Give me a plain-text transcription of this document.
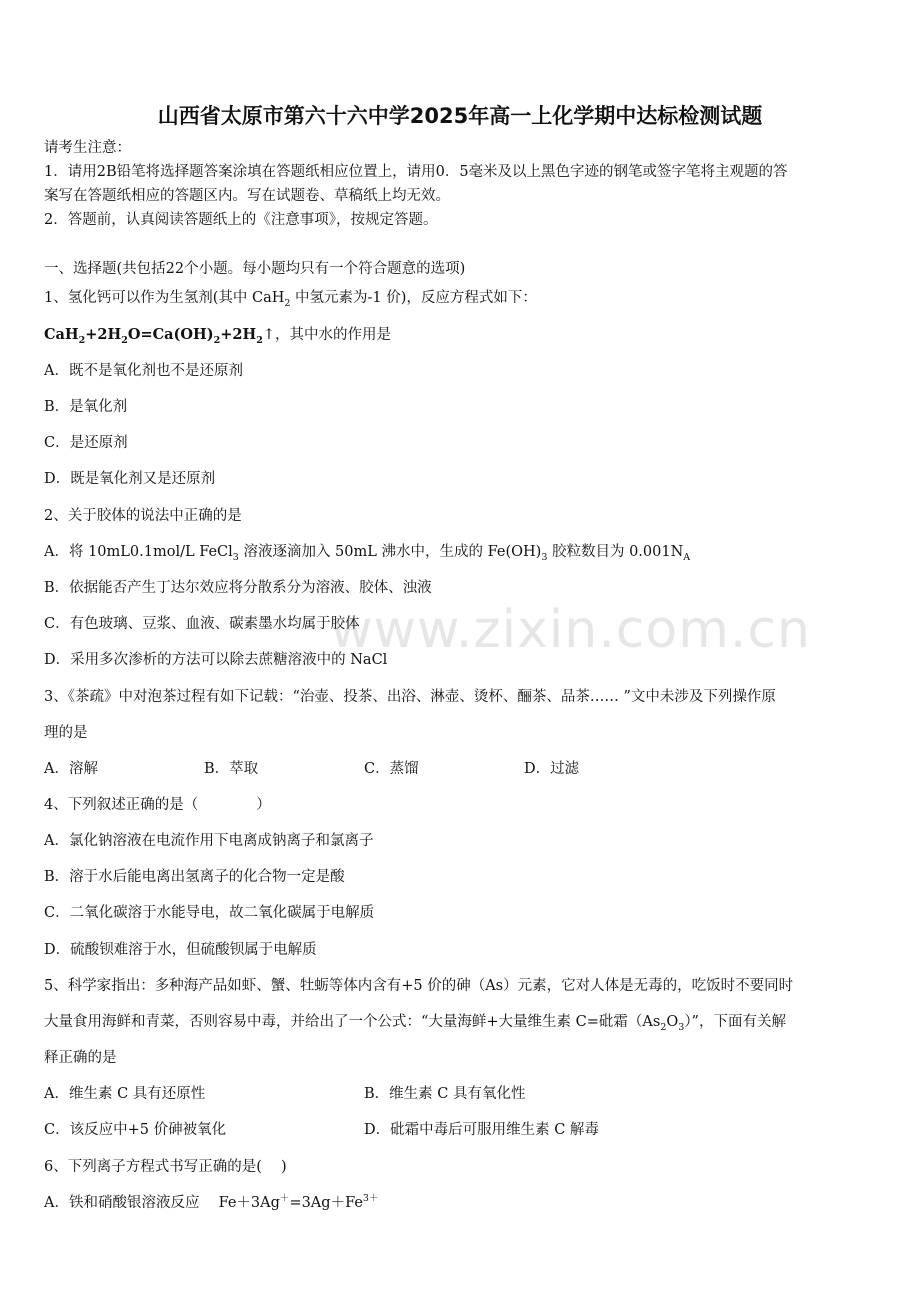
www.zixin.com.cn
山西省太原市第六十六中学2025年高一上化学期中达标检测试题
请考生注意：
1．请用2B铅笔将选择题答案涂填在答题纸相应位置上，请用0．5毫米及以上黑色字迹的钢笔或签字笔将主观题的答
案写在答题纸相应的答题区内。写在试题卷、草稿纸上均无效。
2．答题前，认真阅读答题纸上的《注意事项》，按规定答题。
一、选择题(共包括22个小题。每小题均只有一个符合题意的选项)
1、氢化钙可以作为生氢剂(其中 CaH$_2$ 中氢元素为-1 价)，反应方程式如下：
$CaH_2+2H_2O=Ca(OH)_2+2H_2↑$，其中水的作用是
A．既不是氧化剂也不是还原剂
B．是氧化剂
C．是还原剂
D．既是氧化剂又是还原剂
2、关于胶体的说法中正确的是
A．将 10mL0.1mol/L FeCl$_3$ 溶液逐滴加入 50mL 沸水中，生成的 $Fe(OH)_3$ 胶粒数目为 $0.001N_A$
B．依据能否产生丁达尔效应将分散系分为溶液、胶体、浊液
C．有色玻璃、豆浆、血液、碳素墨水均属于胶体
D．采用多次渗析的方法可以除去蔗糖溶液中的 NaCl
3、《茶疏》中对泡茶过程有如下记载：“治壶、投茶、出浴、淋壶、烫杯、酾茶、品茶…… ”文中未涉及下列操作原
理的是
A．溶解	B．萃取	C．蒸馏	D．过滤
4、下列叙述正确的是（　　　　）
A．氯化钠溶液在电流作用下电离成钠离子和氯离子
B．溶于水后能电离出氢离子的化合物一定是酸
C．二氧化碳溶于水能导电，故二氧化碳属于电解质
D．硫酸钡难溶于水，但硫酸钡属于电解质
5、科学家指出：多种海产品如虾、蟹、牡蛎等体内含有+5 价的砷（As）元素，它对人体是无毒的，吃饭时不要同时
大量食用海鲜和青菜，否则容易中毒，并给出了一个公式：“大量海鲜+大量维生素 C=砒霜$(As_2O_3)$”，下面有关解
释正确的是
A．维生素 C 具有还原性	B．维生素 C 具有氧化性
C．该反应中+5 价砷被氧化	D．砒霜中毒后可服用维生素 C 解毒
6、下列离子方程式书写正确的是(　 )
A．铁和硝酸银溶液反应　 $Fe+3Ag^+=3Ag+Fe^{3+}$
